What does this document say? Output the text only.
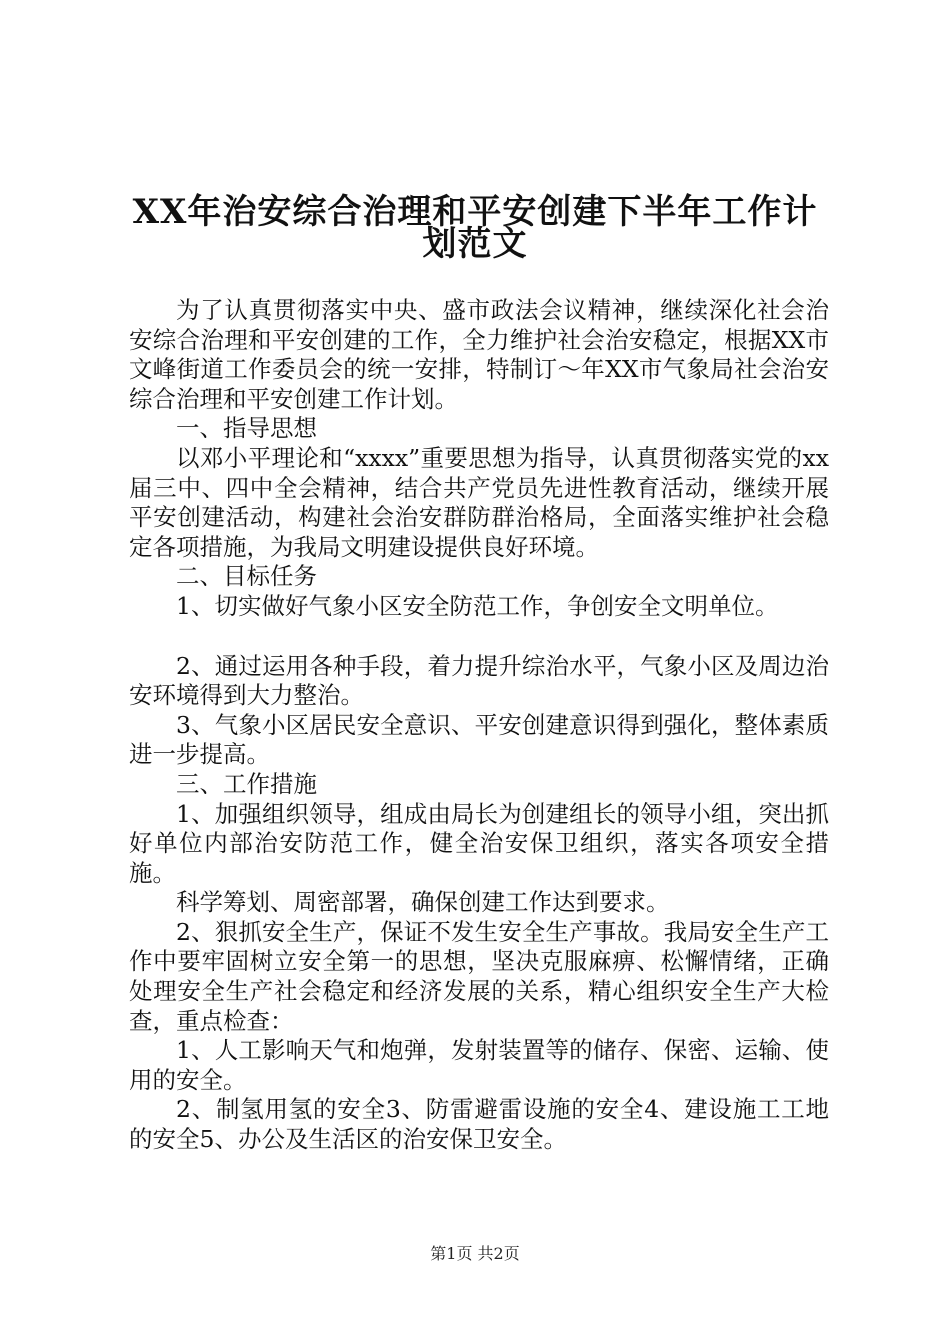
XX年治安综合治理和平安创建下半年工作计
划范文

为了认真贯彻落实中央、盛市政法会议精神，继续深化社会治安综合治理和平安创建的工作，全力维护社会治安稳定，根据XX市文峰街道工作委员会的统一安排，特制订～年XX市气象局社会治安综合治理和平安创建工作计划。

一、指导思想

以邓小平理论和“xxxx”重要思想为指导，认真贯彻落实党的xx届三中、四中全会精神，结合共产党员先进性教育活动，继续开展平安创建活动，构建社会治安群防群治格局，全面落实维护社会稳定各项措施，为我局文明建设提供良好环境。

二、目标任务

1、切实做好气象小区安全防范工作，争创安全文明单位。

2、通过运用各种手段，着力提升综治水平，气象小区及周边治安环境得到大力整治。

3、气象小区居民安全意识、平安创建意识得到强化，整体素质进一步提高。

三、工作措施

1、加强组织领导，组成由局长为创建组长的领导小组，突出抓好单位内部治安防范工作，健全治安保卫组织，落实各项安全措施。

科学筹划、周密部署，确保创建工作达到要求。

2、狠抓安全生产，保证不发生安全生产事故。我局安全生产工作中要牢固树立安全第一的思想，坚决克服麻痹、松懈情绪，正确处理安全生产社会稳定和经济发展的关系，精心组织安全生产大检查，重点检查：

1、人工影响天气和炮弹，发射装置等的储存、保密、运输、使用的安全。

2、制氢用氢的安全3、防雷避雷设施的安全4、建设施工工地的安全5、办公及生活区的治安保卫安全。

第1页 共2页
